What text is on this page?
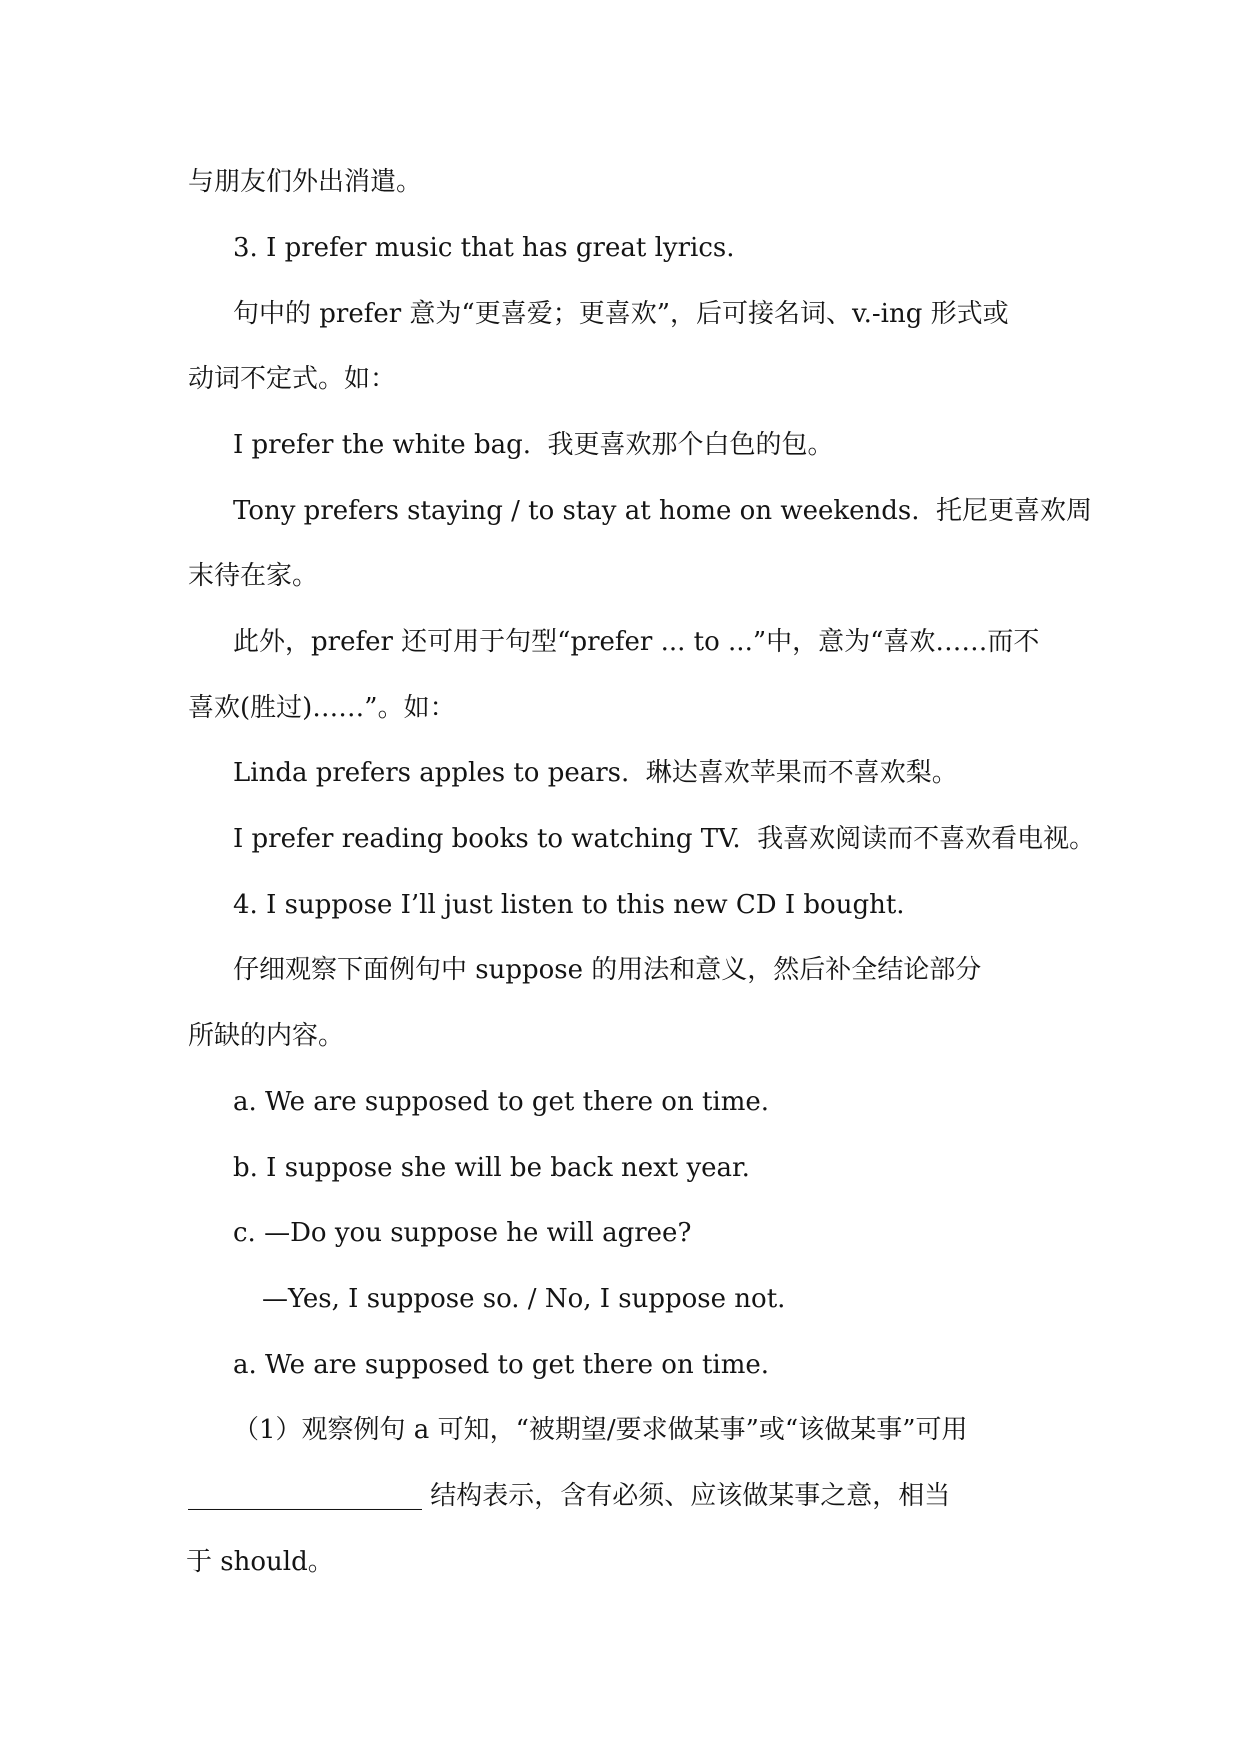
与朋友们外出消遣。

3. I prefer music that has great lyrics.

句中的 prefer 意为“更喜爱；更喜欢”，后可接名词、v.-ing 形式或

动词不定式。如：

I prefer the white bag.  我更喜欢那个白色的包。

Tony prefers staying / to stay at home on weekends.  托尼更喜欢周

末待在家。

此外，prefer 还可用于句型“prefer ... to ...”中，意为“喜欢……而不

喜欢(胜过)……”。如：

Linda prefers apples to pears.  琳达喜欢苹果而不喜欢梨。

I prefer reading books to watching TV.  我喜欢阅读而不喜欢看电视。

4. I suppose I’ll just listen to this new CD I bought.

仔细观察下面例句中 suppose 的用法和意义，然后补全结论部分

所缺的内容。

a. We are supposed to get there on time.

b. I suppose she will be back next year.

c. —Do you suppose he will agree?

—Yes, I suppose so. / No, I suppose not.

a. We are supposed to get there on time.

（1）观察例句 a 可知，“被期望/要求做某事”或“该做某事”可用

__________________ 结构表示，含有必须、应该做某事之意，相当

于 should。
